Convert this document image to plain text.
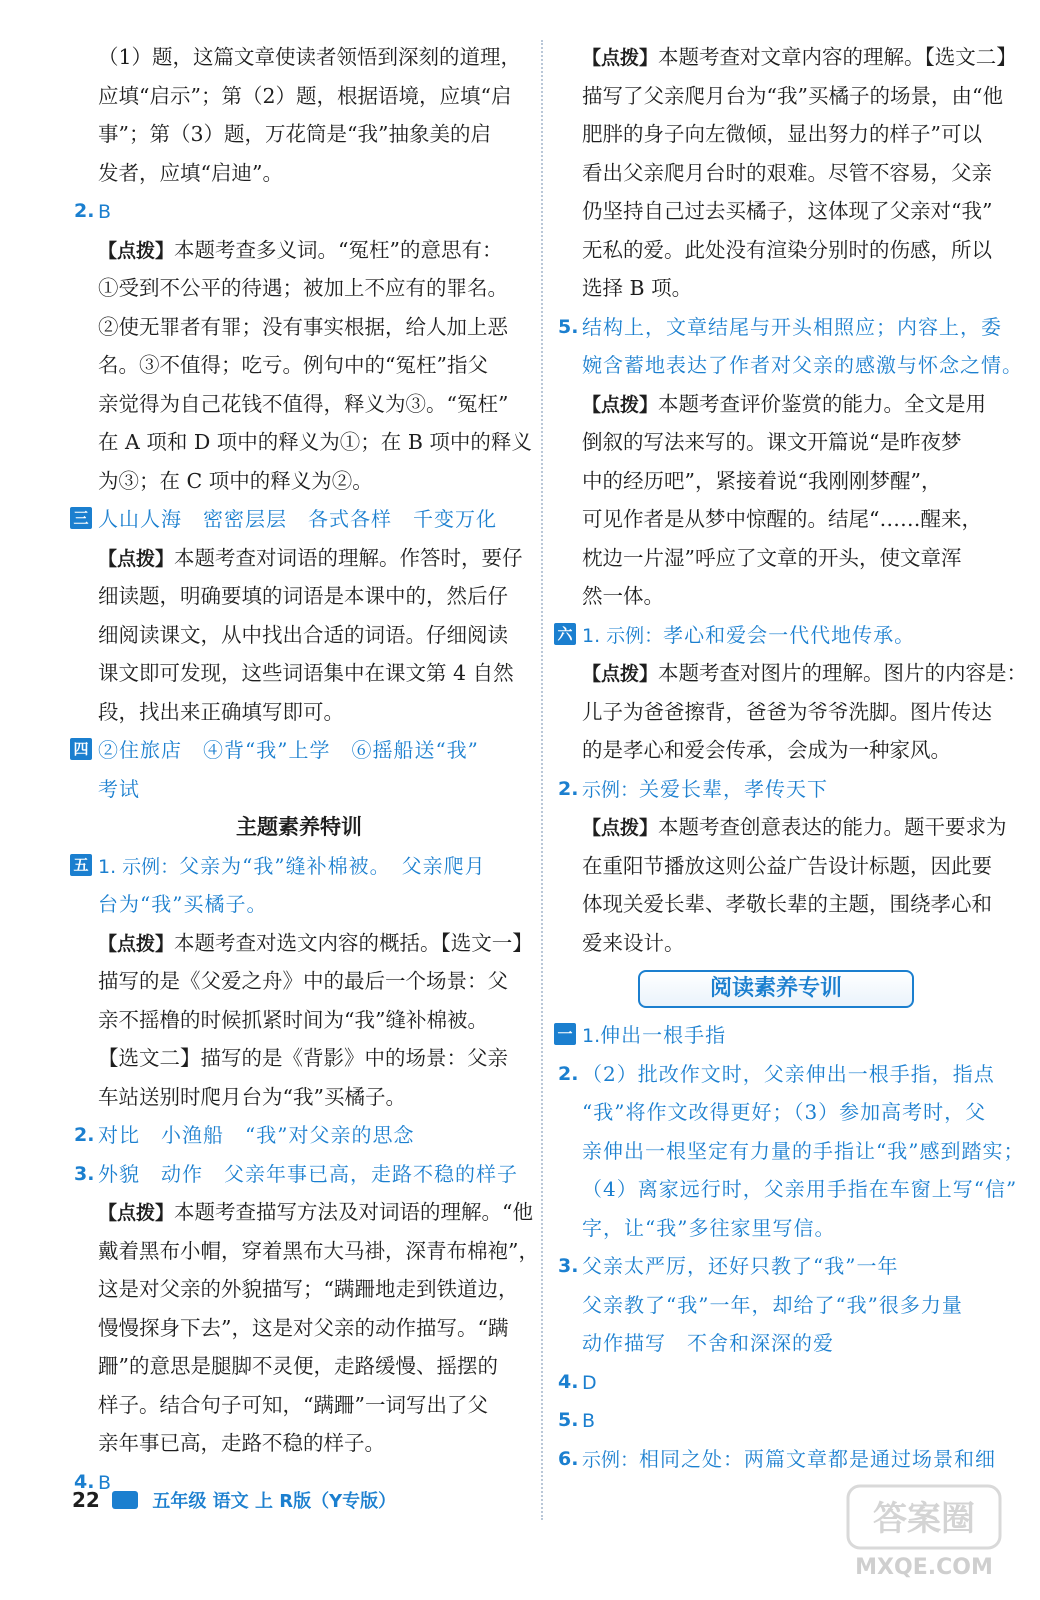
（1）题，这篇文章使读者领悟到深刻的道理，
应填“启示”；第（2）题，根据语境，应填“启
事”；第（3）题，万花筒是“我”抽象美的启
发者，应填“启迪”。
2. B
【点拨】本题考查多义词。“冤枉”的意思有：
①受到不公平的待遇；被加上不应有的罪名。
②使无罪者有罪；没有事实根据，给人加上恶
名。③不值得；吃亏。例句中的“冤枉”指父
亲觉得为自己花钱不值得，释义为③。“冤枉”
在 A 项和 D 项中的释义为①；在 B 项中的释义
为③；在 C 项中的释义为②。
三 人山人海　密密层层　各式各样　千变万化
【点拨】本题考查对词语的理解。作答时，要仔
细读题，明确要填的词语是本课中的，然后仔
细阅读课文，从中找出合适的词语。仔细阅读
课文即可发现，这些词语集中在课文第 4 自然
段，找出来正确填写即可。
四 ②住旅店　④背“我”上学　⑥摇船送“我”
考试
主题素养特训
五 1. 示例：父亲为“我”缝补棉被。　父亲爬月
台为“我”买橘子。
【点拨】本题考查对选文内容的概括。【选文一】
描写的是《父爱之舟》中的最后一个场景：父
亲不摇橹的时候抓紧时间为“我”缝补棉被。
【选文二】描写的是《背影》中的场景：父亲
车站送别时爬月台为“我”买橘子。
2. 对比　小渔船　“我”对父亲的思念
3. 外貌　动作　父亲年事已高，走路不稳的样子
【点拨】本题考查描写方法及对词语的理解。“他
戴着黑布小帽，穿着黑布大马褂，深青布棉袍”，
这是对父亲的外貌描写；“蹒跚地走到铁道边，
慢慢探身下去”，这是对父亲的动作描写。“蹒
跚”的意思是腿脚不灵便，走路缓慢、摇摆的
样子。结合句子可知，“蹒跚”一词写出了父
亲年事已高，走路不稳的样子。
4. B
【点拨】本题考查对文章内容的理解。【选文二】
描写了父亲爬月台为“我”买橘子的场景，由“他
肥胖的身子向左微倾，显出努力的样子”可以
看出父亲爬月台时的艰难。尽管不容易，父亲
仍坚持自己过去买橘子，这体现了父亲对“我”
无私的爱。此处没有渲染分别时的伤感，所以
选择 B 项。
5. 结构上，文章结尾与开头相照应；内容上，委
婉含蓄地表达了作者对父亲的感激与怀念之情。
【点拨】本题考查评价鉴赏的能力。全文是用
倒叙的写法来写的。课文开篇说“是昨夜梦
中的经历吧”，紧接着说“我刚刚梦醒”，
可见作者是从梦中惊醒的。结尾“……醒来，
枕边一片湿”呼应了文章的开头，使文章浑
然一体。
六 1. 示例：孝心和爱会一代代地传承。
【点拨】本题考查对图片的理解。图片的内容是：
儿子为爸爸擦背，爸爸为爷爷洗脚。图片传达
的是孝心和爱会传承，会成为一种家风。
2. 示例：关爱长辈，孝传天下
【点拨】本题考查创意表达的能力。题干要求为
在重阳节播放这则公益广告设计标题，因此要
体现关爱长辈、孝敬长辈的主题，围绕孝心和
爱来设计。
阅读素养专训
一 1.伸出一根手指
2. （2）批改作文时，父亲伸出一根手指，指点
“我”将作文改得更好；（3）参加高考时，父
亲伸出一根坚定有力量的手指让“我”感到踏实；
（4）离家远行时，父亲用手指在车窗上写“信”
字，让“我”多往家里写信。
3. 父亲太严厉，还好只教了“我”一年
父亲教了“我”一年，却给了“我”很多力量
动作描写　不舍和深深的爱
4. D
5. B
6. 示例：相同之处：两篇文章都是通过场景和细
22	五年级 语文 上 R版（Y专版）	答案圈
MXQE.COM
